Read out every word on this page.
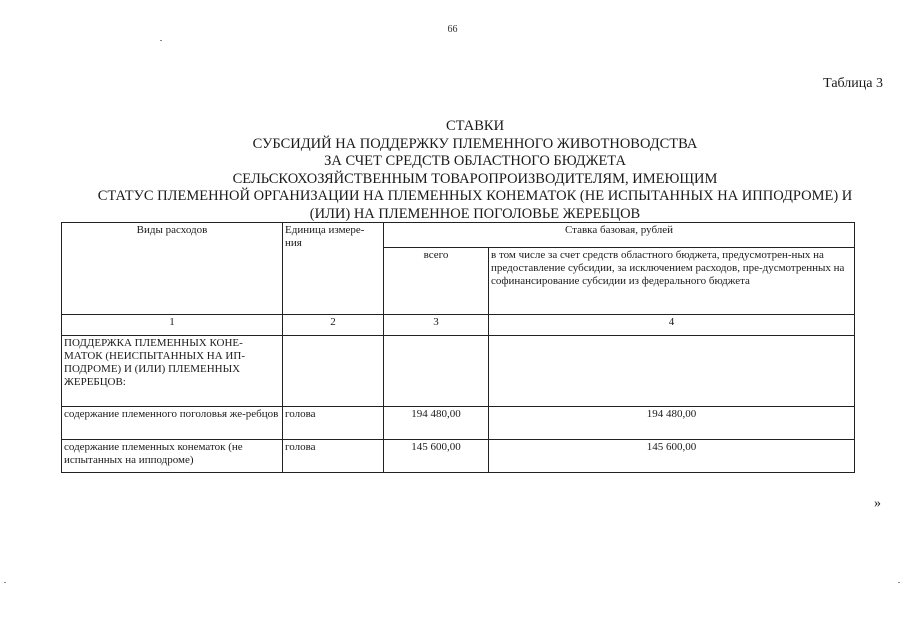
66
Таблица 3
СТАВКИ
СУБСИДИЙ НА ПОДДЕРЖКУ ПЛЕМЕННОГО ЖИВОТНОВОДСТВА
ЗА СЧЕТ СРЕДСТВ ОБЛАСТНОГО БЮДЖЕТА
СЕЛЬСКОХОЗЯЙСТВЕННЫМ ТОВАРОПРОИЗВОДИТЕЛЯМ, ИМЕЮЩИМ
СТАТУС ПЛЕМЕННОЙ ОРГАНИЗАЦИИ НА ПЛЕМЕННЫХ КОНЕМАТОК (НЕ ИСПЫТАННЫХ НА ИППОДРОМЕ) И
(ИЛИ) НА ПЛЕМЕННОЕ ПОГОЛОВЬЕ ЖЕРЕБЦОВ
Виды расходов	Единица измере-ния	Ставка базовая, рублей	
		всего	в том числе за счет средств областного бюджета, предусмотрен-ных на предоставление субсидии, за исключением расходов, пре-дусмотренных на софинансирование субсидии из федерального бюджета
1	2	3	4
ПОДДЕРЖКА ПЛЕМЕННЫХ КОНЕ-МАТОК (НЕИСПЫТАННЫХ НА ИП-ПОДРОМЕ) И (ИЛИ) ПЛЕМЕННЫХ ЖЕРЕБЦОВ:			
содержание племенного поголовья же-ребцов	голова	194 480,00	194 480,00
содержание племенных конематок (не испытанных на ипподроме)	голова	145 600,00	145 600,00
»
